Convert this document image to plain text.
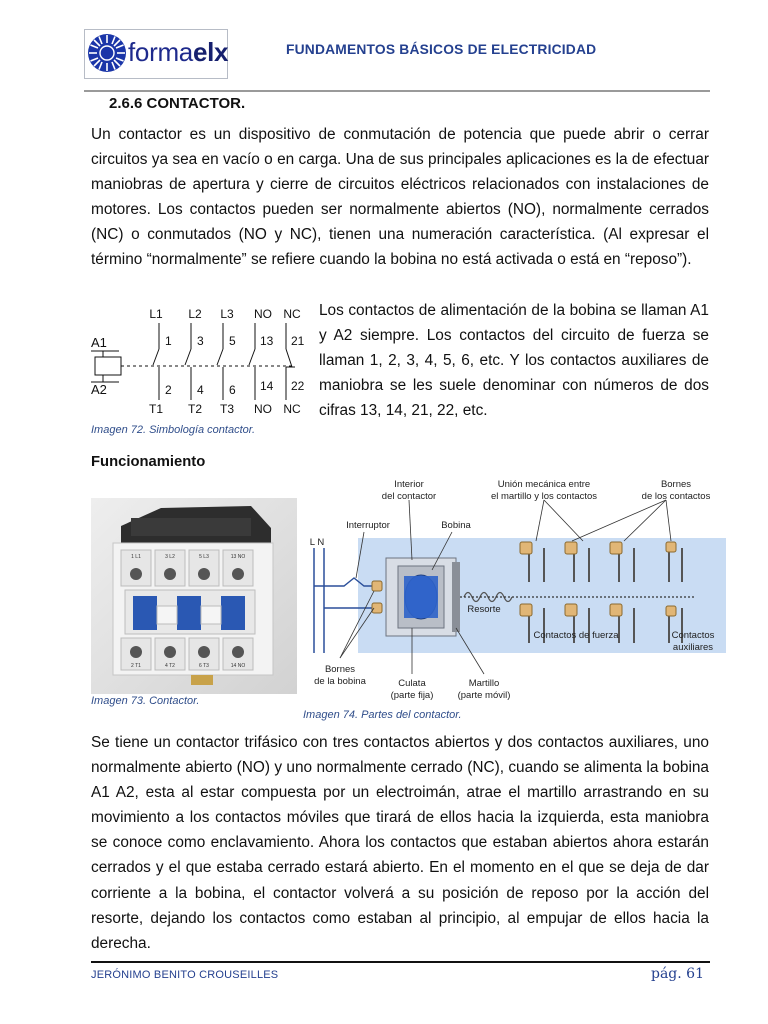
formaelx	FUNDAMENTOS BÁSICOS DE ELECTRICIDAD
2.6.6 CONTACTOR.
Un contactor es un dispositivo de conmutación de potencia que puede abrir o cerrar circuitos ya sea en vacío o en carga. Una de sus principales aplicaciones es la de efectuar maniobras de apertura y cierre de circuitos eléctricos relacionados con instalaciones de motores. Los contactos pueden ser normalmente abiertos (NO), normalmente cerrados (NC) o conmutados (NO y NC), tienen una numeración característica. (Al expresar el término “normalmente” se refiere cuando la bobina no está activada o está en “reposo”).
L1 L2 L3 NO NC
1 3 5 13 21
2 4 6 14 22
T1 T2 T3 NO NC
A1
A2
Los contactos de alimentación de la bobina se llaman A1 y A2 siempre. Los contactos del circuito de fuerza se llaman 1, 2, 3, 4, 5, 6, etc. Y los contactos auxiliares de maniobra se les suele denominar con números de dos cifras 13, 14, 21, 22, etc.
Imagen 72. Simbología contactor.
Funcionamiento
1 L1	3 L2	5 L3	13 NO
2 T1	4 T2	6 T3	14 NO
Imagen 73. Contactor.
Interior
del contactor
Unión mecánica entre
el martillo y los contactos
Bornes
de los contactos
Interruptor	Bobina
L N
Resorte
Contactos de fuerza	Contactos
auxiliares
Bornes
de la bobina	Culata
(parte fija)
Martillo
(parte móvil)
Imagen 74. Partes del contactor.
Se tiene un contactor trifásico con tres contactos abiertos y dos contactos auxiliares, uno normalmente abierto (NO) y uno normalmente cerrado (NC), cuando se alimenta la bobina A1 A2, esta al estar compuesta por un electroimán, atrae el martillo arrastrando en su movimiento a los contactos móviles que tirará de ellos hacia la izquierda, esta maniobra se conoce como enclavamiento. Ahora los contactos que estaban abiertos ahora estarán cerrados y el que estaba cerrado estará abierto. En el momento en el que se deja de dar corriente a la bobina, el contactor volverá a su posición de reposo por la acción del resorte, dejando los contactos como estaban al principio, al empujar de ellos hacia la derecha.
JERÓNIMO BENITO CROUSEILLES	pág. 61
